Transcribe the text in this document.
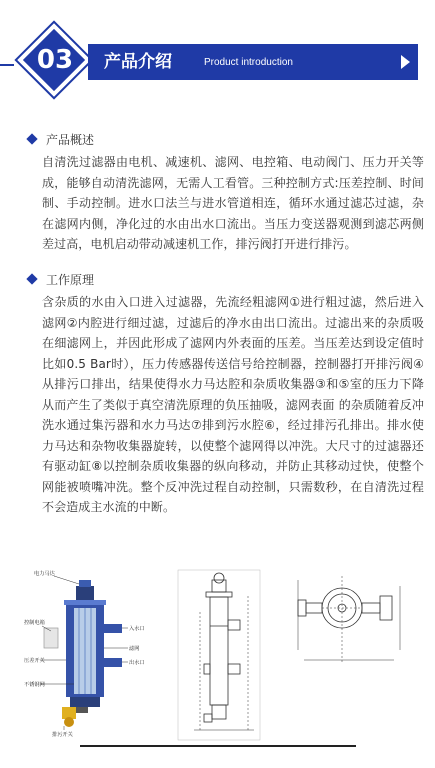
03	产品介绍	Product introduction
产品概述

自清洗过滤器由电机、减速机、滤网、电控箱、电动阀门、压力开关等成，能够自动清洗滤网，无需人工看管。三种控制方式:压差控制、时间制、手动控制。进水口法兰与进水管道相连，循环水通过滤芯过滤，杂在滤网内侧，净化过的水由出水口流出。当压力变送器观测到滤芯两侧差过高，电机启动带动减速机工作，排污阀打开进行排污。

工作原理

含杂质的水由入口进入过滤器，先流经粗滤网①进行粗过滤，然后进入滤网②内腔进行细过滤，过滤后的净水由出口流出。过滤出来的杂质吸在细滤网上，并因此形成了滤网内外表面的压差。当压差达到设定值时比如0.5 Bar时），压力传感器传送信号给控制器，控制器打开排污阀④从排污口排出，结果使得水力马达腔和杂质收集器③和⑤室的压力下降从而产生了类似于真空清洗原理的负压抽吸，滤网表面 的杂质随着反冲洗水通过集污器和水力马达⑦排到污水腔⑥，经过排污孔排出。排水使力马达和杂物收集器旋转，以使整个滤网得以冲洗。大尺寸的过滤器还有驱动缸⑧以控制杂质收集器的纵向移动，并防止其移动过快，使整个网能被喷嘴冲洗。整个反冲洗过程自动控制，只需数秒，在自清洗过程不会造成主水流的中断。

电力马达
控制电箱
压差开关
不锈钢网
排污开关
入水口
滤网
出水口
